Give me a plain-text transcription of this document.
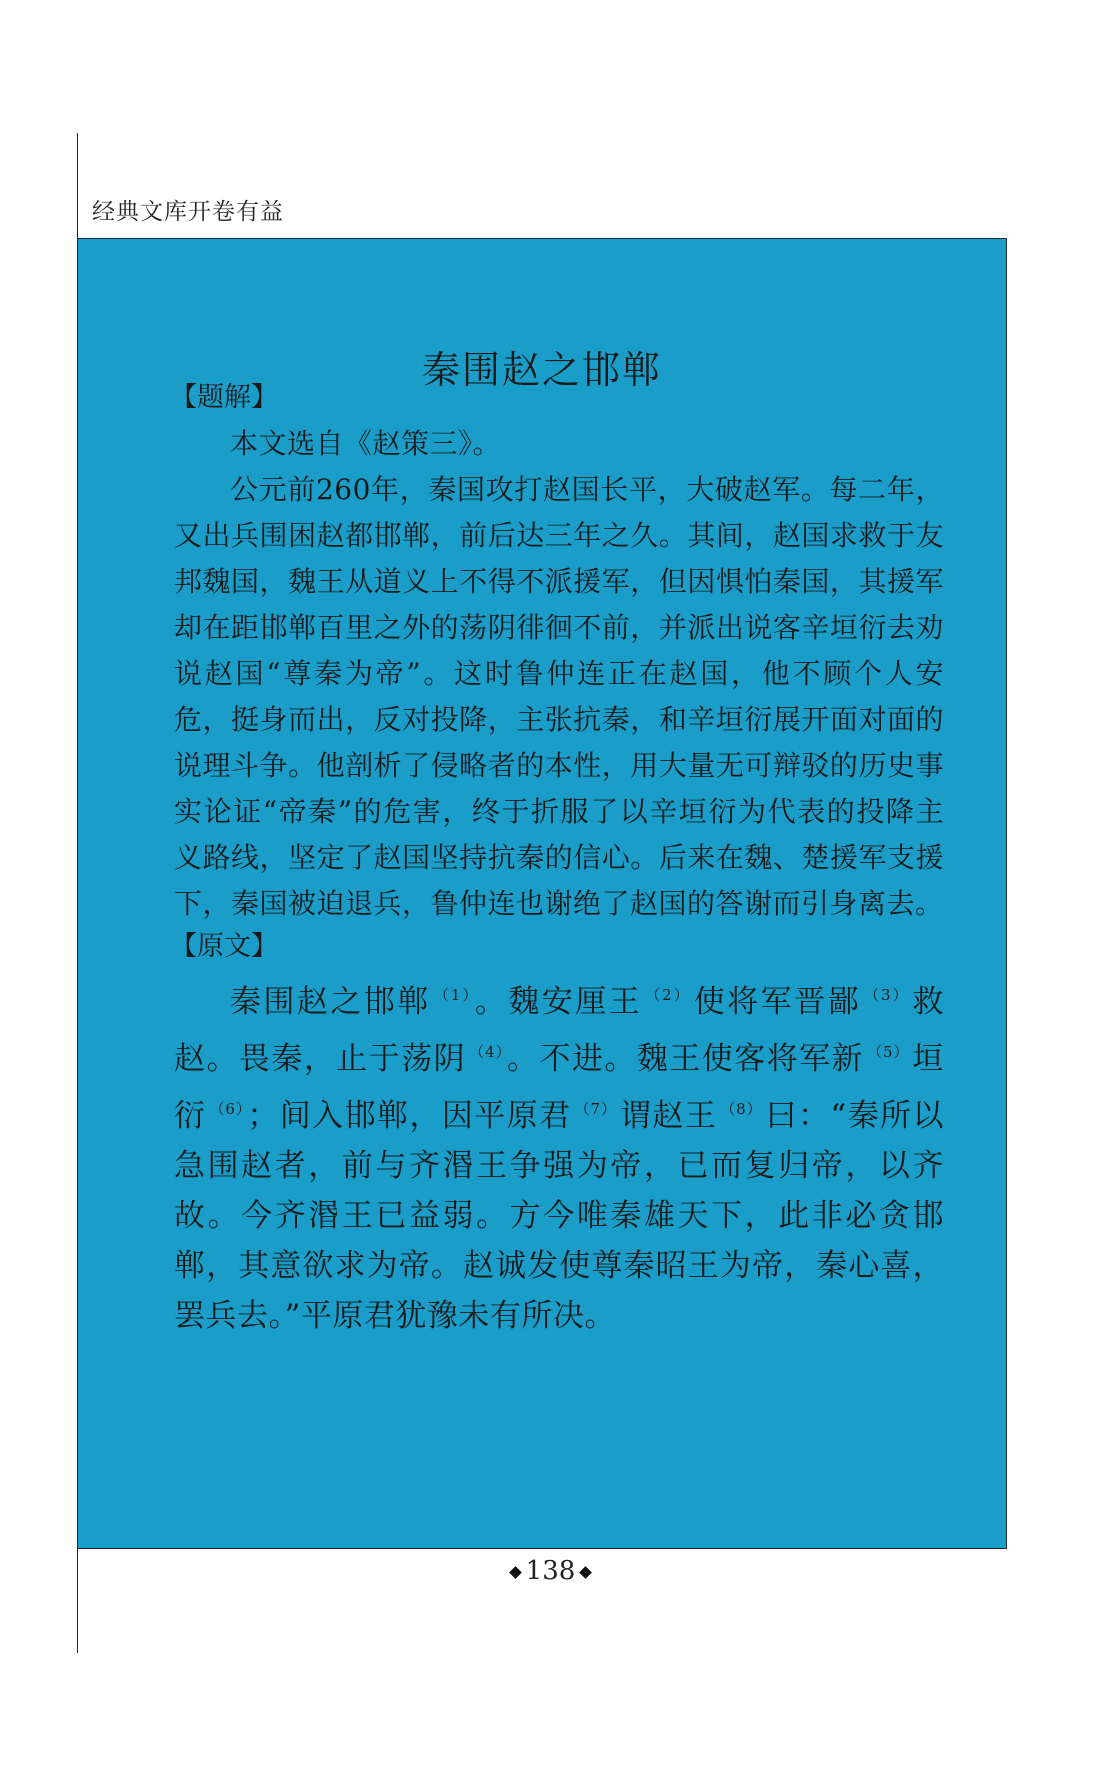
经典文库开卷有益
秦围赵之邯郸

【题解】

本文选自《赵策三》。

公元前260年，秦国攻打赵国长平，大破赵军。每二年，又出兵围困赵都邯郸，前后达三年之久。其间，赵国求救于友邦魏国，魏王从道义上不得不派援军，但因惧怕秦国，其援军却在距邯郸百里之外的荡阴徘徊不前，并派出说客辛垣衍去劝说赵国“尊秦为帝”。这时鲁仲连正在赵国，他不顾个人安危，挺身而出，反对投降，主张抗秦，和辛垣衍展开面对面的说理斗争。他剖析了侵略者的本性，用大量无可辩驳的历史事实论证“帝秦”的危害，终于折服了以辛垣衍为代表的投降主义路线，坚定了赵国坚持抗秦的信心。后来在魏、楚援军支援下，秦国被迫退兵，鲁仲连也谢绝了赵国的答谢而引身离去。

【原文】

秦围赵之邯郸 $^{(1)}$。魏安厘王 $^{(2)}$使将军晋鄙 $^{(3)}$救赵。畏秦，止于荡阴 $^{(4)}$。不进。魏王使客将军新 $^{(5)}$垣衍 $^{(6)}$；间入邯郸，因平原君 $^{(7)}$谓赵王 $^{(8)}$曰：“秦所以急围赵者，前与齐湣王争强为帝，已而复归帝，以齐故。今齐湣王已益弱。方今唯秦雄天下，此非必贪邯郸，其意欲求为帝。赵诚发使尊秦昭王为帝，秦心喜，罢兵去。”平原君犹豫未有所决。

138
